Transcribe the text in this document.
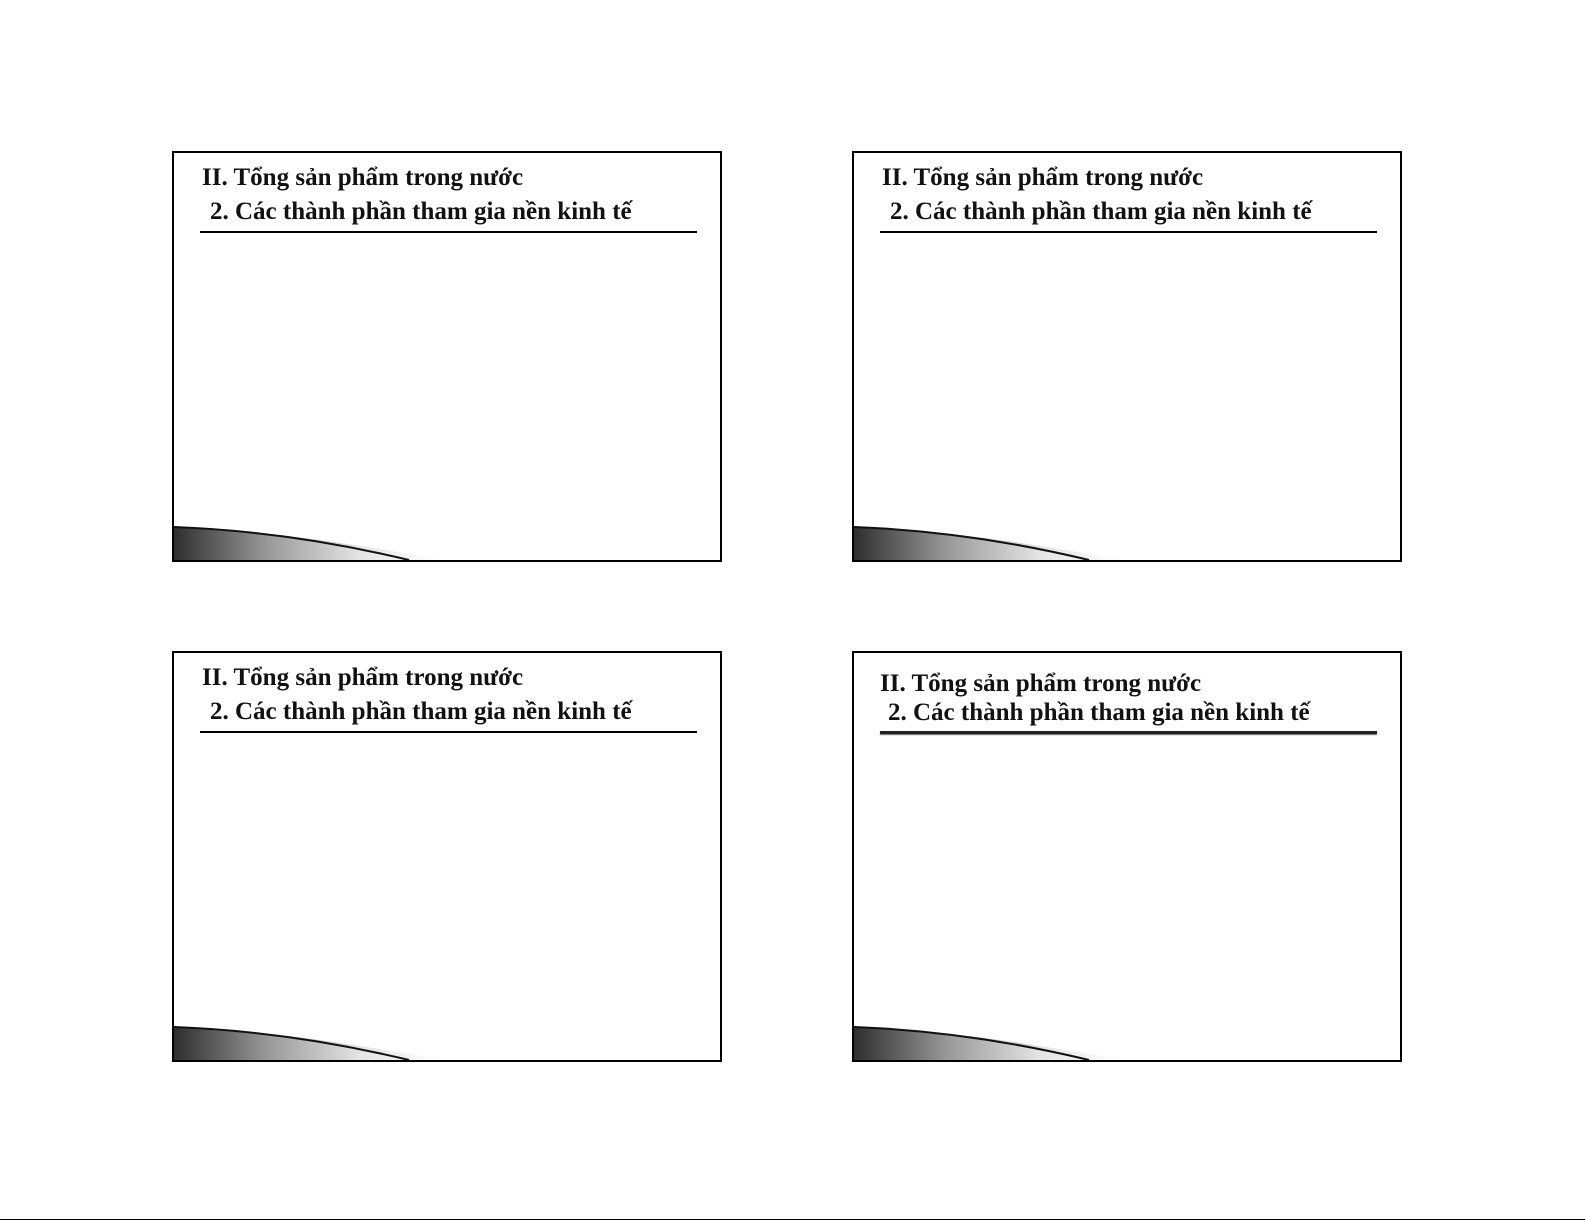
II. Tổng sản phẩm trong nước
2. Các thành phần tham gia nền kinh tế
II. Tổng sản phẩm trong nước
2. Các thành phần tham gia nền kinh tế
II. Tổng sản phẩm trong nước
2. Các thành phần tham gia nền kinh tế
II. Tổng sản phẩm trong nước
2. Các thành phần tham gia nền kinh tế
